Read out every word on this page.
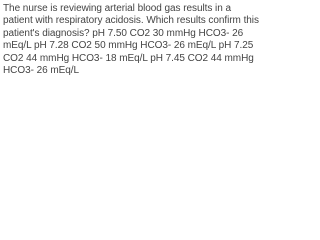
The nurse is reviewing arterial blood gas results in a patient with respiratory acidosis. Which results confirm this patient's diagnosis? pH 7.50 CO2 30 mmHg HCO3- 26 mEq/L pH 7.28 CO2 50 mmHg HCO3- 26 mEq/L pH 7.25 CO2 44 mmHg HCO3- 18 mEq/L pH 7.45 CO2 44 mmHg HCO3- 26 mEq/L
